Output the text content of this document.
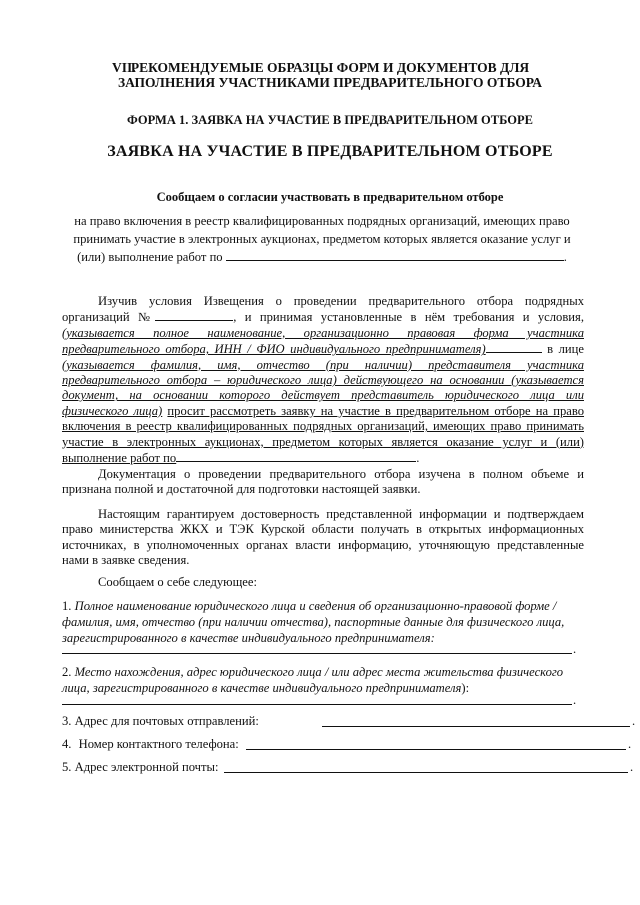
VII.
РЕКОМЕНДУЕМЫЕ ОБРАЗЦЫ ФОРМ И ДОКУМЕНТОВ ДЛЯ ЗАПОЛНЕНИЯ УЧАСТНИКАМИ ПРЕДВАРИТЕЛЬНОГО ОТБОРА
ФОРМА 1. ЗАЯВКА НА УЧАСТИЕ В ПРЕДВАРИТЕЛЬНОМ ОТБОРЕ
ЗАЯВКА НА УЧАСТИЕ В ПРЕДВАРИТЕЛЬНОМ ОТБОРЕ
Сообщаем о согласии участвовать в предварительном отборе
на право включения в реестр квалифицированных подрядных организаций, имеющих право принимать участие в электронных аукционах, предметом которых является оказание услуг и (или) выполнение работ по	.
Изучив условия Извещения о проведении предварительного отбора подрядных организаций №	, и принимая установленные в нём требования и условия, (указывается полное наименование, организационно правовая форма участника предварительного отбора, ИНН / ФИО индивидуального предпринимателя)	в лице (указывается фамилия, имя, отчество (при наличии) представителя участника предварительного отбора – юридического лица) действующего на основании (указывается документ, на основании которого действует представитель юридического лица или физического лица) просит рассмотреть заявку на участие в предварительном отборе на право включения в реестр квалифицированных подрядных организаций, имеющих право принимать участие в электронных аукционах, предметом которых является оказание услуг и (или) выполнение работ по	.
Документация о проведении предварительного отбора изучена в полном объеме и признана полной и достаточной для подготовки настоящей заявки.
Настоящим гарантируем достоверность представленной информации и подтверждаем право министерства ЖКХ и ТЭК Курской области получать в открытых информационных источниках, в уполномоченных органах власти информацию, уточняющую представленные нами в заявке сведения.
Сообщаем о себе следующее:
1. Полное наименование юридического лица и сведения об организационно-правовой форме / фамилия, имя, отчество (при наличии отчества), паспортные данные для физического лица, зарегистрированного в качестве индивидуального предпринимателя:
.
2. Место нахождения, адрес юридического лица / или адрес места жительства физического лица, зарегистрированного в качестве индивидуального предпринимателя):
.
3. Адрес для почтовых отправлений:	.
4. Номер контактного телефона:	.
5. Адрес электронной почты:	.
